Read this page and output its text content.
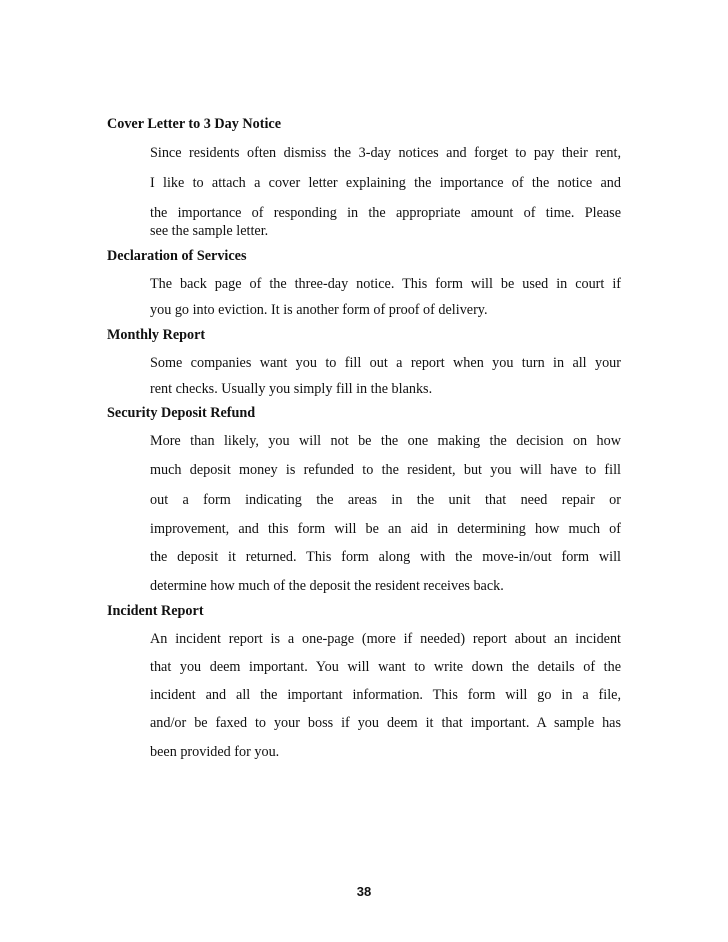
Cover Letter to 3 Day Notice
Since residents often dismiss the 3-day notices and forget to pay their rent,
I like to attach a cover letter explaining the importance of the notice and
the importance of responding in the appropriate amount of time. Please
see the sample letter.
Declaration of Services
The back page of the three-day notice. This form will be used in court if
you go into eviction. It is another form of proof of delivery.
Monthly Report
Some companies want you to fill out a report when you turn in all your
rent checks. Usually you simply fill in the blanks.
Security Deposit Refund
More than likely, you will not be the one making the decision on how
much deposit money is refunded to the resident, but you will have to fill
out a form indicating the areas in the unit that need repair or
improvement, and this form will be an aid in determining how much of
the deposit it returned. This form along with the move-in/out form will
determine how much of the deposit the resident receives back.
Incident Report
An incident report is a one-page (more if needed) report about an incident
that you deem important. You will want to write down the details of the
incident and all the important information. This form will go in a file,
and/or be faxed to your boss if you deem it that important. A sample has
been provided for you.
38
